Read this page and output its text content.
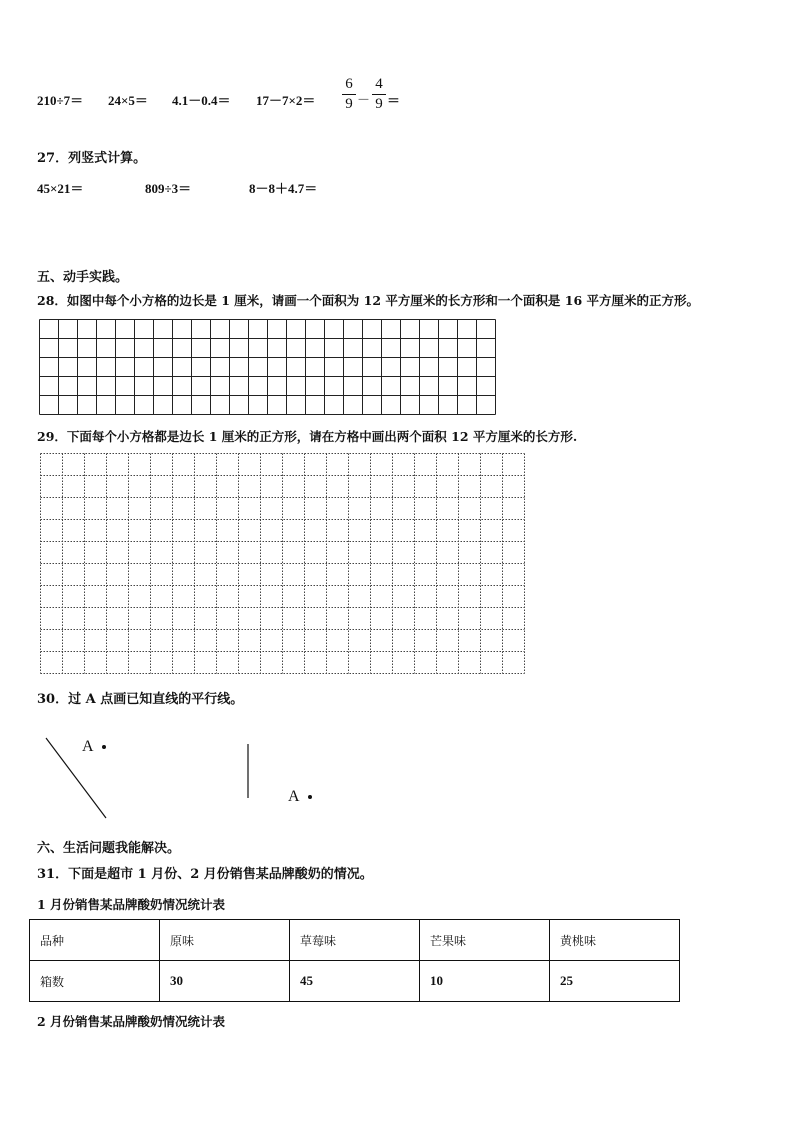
210÷7＝ 24×5＝ 4.1－0.4＝ 17－7×2＝
6
9 －
4
9 ＝
27．列竖式计算。
45×21＝	809÷3＝	8－8＋4.7＝
五、动手实践。
28．如图中每个小方格的边长是 1 厘米，请画一个面积为 12 平方厘米的长方形和一个面积是 16 平方厘米的正方形。
29．下面每个小方格都是边长 1 厘米的正方形，请在方格中画出两个面积 12 平方厘米的长方形.
30．过 A 点画已知直线的平行线。
A
A
六、生活问题我能解决。
31．下面是超市 1 月份、2 月份销售某品牌酸奶的情况。
1 月份销售某品牌酸奶情况统计表
品种	原味	草莓味	芒果味	黄桃味
箱数	30	45	10	25
2 月份销售某品牌酸奶情况统计表
